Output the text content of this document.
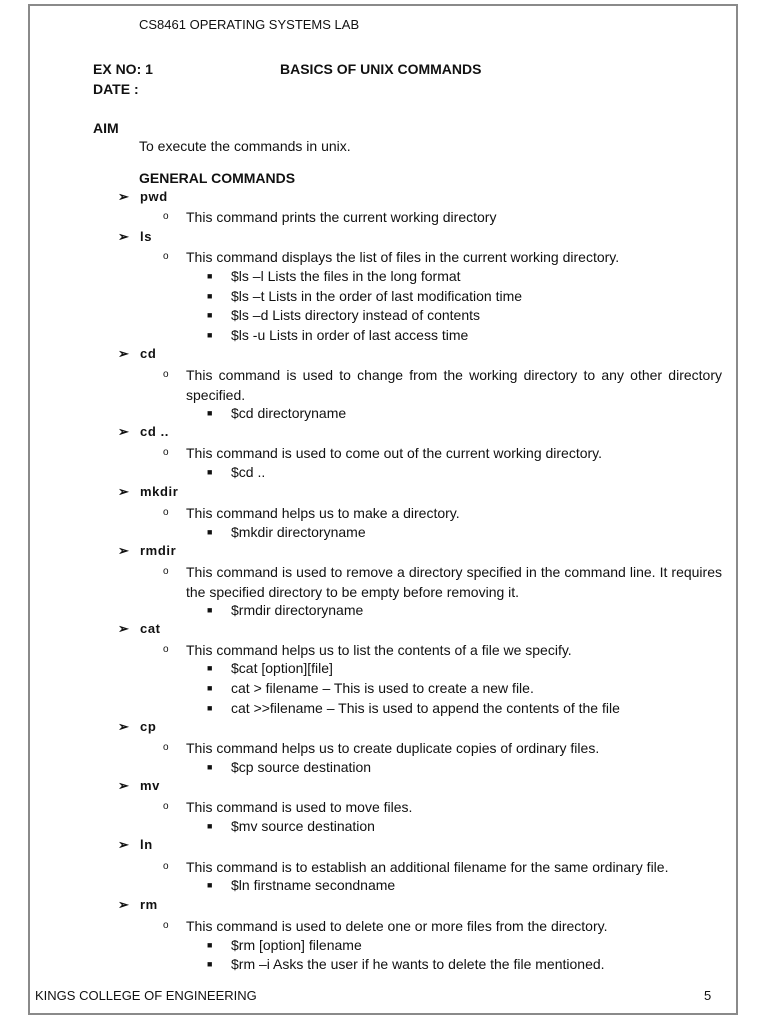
CS8461 OPERATING SYSTEMS LAB
EX NO: 1	BASICS OF UNIX COMMANDS
DATE :
AIM
To execute the commands in unix.
GENERAL COMMANDS
➢ pwd
o	This command prints the current working directory
➢ ls
o	This command displays the list of files in the current working directory.
■ $ls –l Lists the files in the long format
■ $ls –t Lists in the order of last modification time
■ $ls –d Lists directory instead of contents
■ $ls -u Lists in order of last access time
➢ cd
o	This command is used to change from the working directory to any other directory specified.
■ $cd directoryname
➢ cd ..
o	This command is used to come out of the current working directory.
■ $cd ..
➢ mkdir
o	This command helps us to make a directory.
■ $mkdir directoryname
➢ rmdir
o	This command is used to remove a directory specified in the command line. It requires the specified directory to be empty before removing it.
■ $rmdir directoryname
➢ cat
o	This command helps us to list the contents of a file we specify.
■ $cat [option][file]
■ cat > filename – This is used to create a new file.
■ cat >>filename – This is used to append the contents of the file
➢ cp
o	This command helps us to create duplicate copies of ordinary files.
■ $cp source destination
➢ mv
o	This command is used to move files.
■ $mv source destination
➢ ln
o	This command is to establish an additional filename for the same ordinary file.
■ $ln firstname secondname
➢ rm
o	This command is used to delete one or more files from the directory.
■ $rm [option] filename
■ $rm –i Asks the user if he wants to delete the file mentioned.
KINGS COLLEGE OF ENGINEERING	5
